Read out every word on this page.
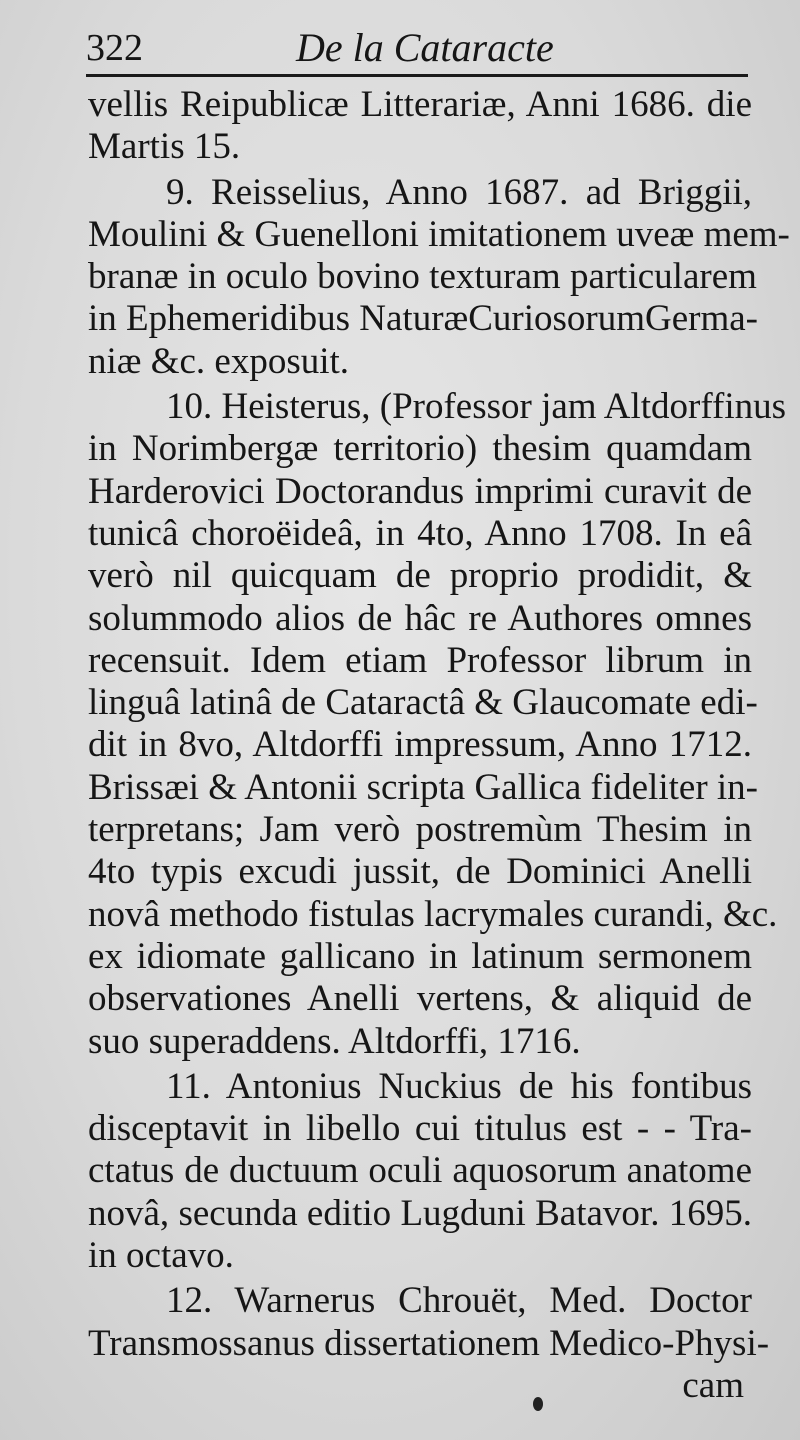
322	De la Cataracte
vellis Reipublicæ Litterariæ, Anni 1686. die
Martis 15.
9. Reisselius, Anno 1687. ad Briggii,
Moulini & Guenelloni imitationem uveæ mem-
branæ in oculo bovino texturam particularem
in Ephemeridibus NaturæCuriosorumGerma-
niæ &c. exposuit.
10. Heisterus, (Professor jam Altdorffinus
in Norimbergæ territorio) thesim quamdam
Harderovici Doctorandus imprimi curavit de
tunicâ choroëideâ, in 4to, Anno 1708. In eâ
verò nil quicquam de proprio prodidit, &
solummodo alios de hâc re Authores omnes
recensuit. Idem etiam Professor librum in
linguâ latinâ de Cataractâ & Glaucomate edi-
dit in 8vo, Altdorffi impressum, Anno 1712.
Brissæi & Antonii scripta Gallica fideliter in-
terpretans; Jam verò postremùm Thesim in
4to typis excudi jussit, de Dominici Anelli
novâ methodo fistulas lacrymales curandi, &c.
ex idiomate gallicano in latinum sermonem
observationes Anelli vertens, & aliquid de
suo superaddens. Altdorffi, 1716.
11. Antonius Nuckius de his fontibus
disceptavit in libello cui titulus est - - Tra-
ctatus de ductuum oculi aquosorum anatome
novâ, secunda editio Lugduni Batavor. 1695.
in octavo.
12. Warnerus Chrouët, Med. Doctor
Transmossanus dissertationem Medico-Physi-
cam
